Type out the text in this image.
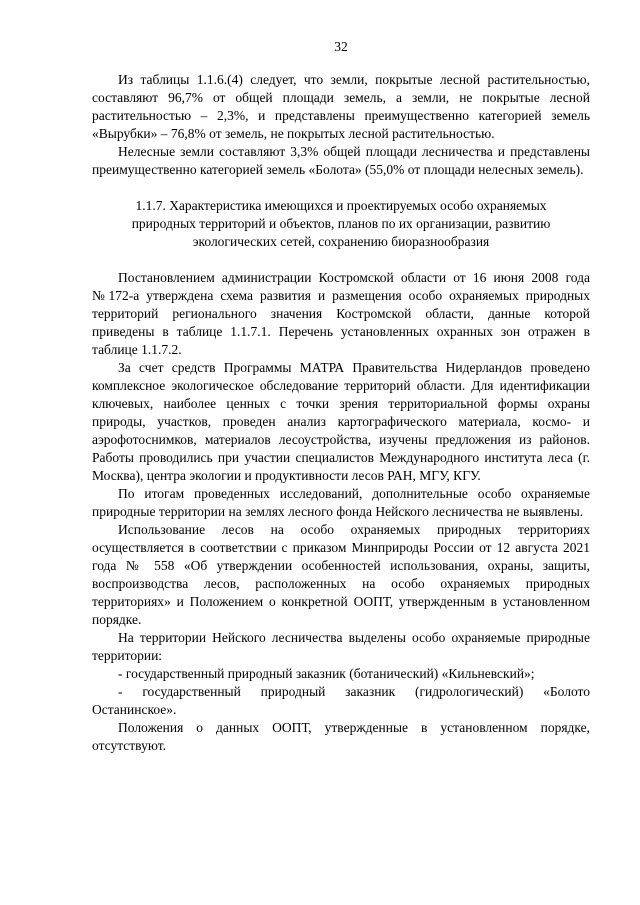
32

Из таблицы 1.1.6.(4) следует, что земли, покрытые лесной растительностью, составляют 96,7% от общей площади земель, а земли, не покрытые лесной растительностью – 2,3%, и представлены преимущественно категорией земель «Вырубки» – 76,8% от земель, не покрытых лесной растительностью.

Нелесные земли составляют 3,3% общей площади лесничества и представлены преимущественно категорией земель «Болота» (55,0% от площади нелесных земель).

1.1.7. Характеристика имеющихся и проектируемых особо охраняемых природных территорий и объектов, планов по их организации, развитию экологических сетей, сохранению биоразнообразия

Постановлением администрации Костромской области от 16 июня 2008 года №172-а утверждена схема развития и размещения особо охраняемых природных территорий регионального значения Костромской области, данные которой приведены в таблице 1.1.7.1. Перечень установленных охранных зон отражен в таблице 1.1.7.2.

За счет средств Программы МАТРА Правительства Нидерландов проведено комплексное экологическое обследование территорий области. Для идентификации ключевых, наиболее ценных с точки зрения территориальной формы охраны природы, участков, проведен анализ картографического материала, космо- и аэрофотоснимков, материалов лесоустройства, изучены предложения из районов. Работы проводились при участии специалистов Международного института леса (г. Москва), центра экологии и продуктивности лесов РАН, МГУ, КГУ.

По итогам проведенных исследований, дополнительные особо охраняемые природные территории на землях лесного фонда Нейского лесничества не выявлены.

Использование лесов на особо охраняемых природных территориях осуществляется в соответствии с приказом Минприроды России от 12 августа 2021 года № 558 «Об утверждении особенностей использования, охраны, защиты, воспроизводства лесов, расположенных на особо охраняемых природных территориях» и Положением о конкретной ООПТ, утвержденным в установленном порядке.

На территории Нейского лесничества выделены особо охраняемые природные территории:

- государственный природный заказник (ботанический) «Кильневский»;

- государственный природный заказник (гидрологический) «Болото Останинское».

Положения о данных ООПТ, утвержденные в установленном порядке, отсутствуют.
